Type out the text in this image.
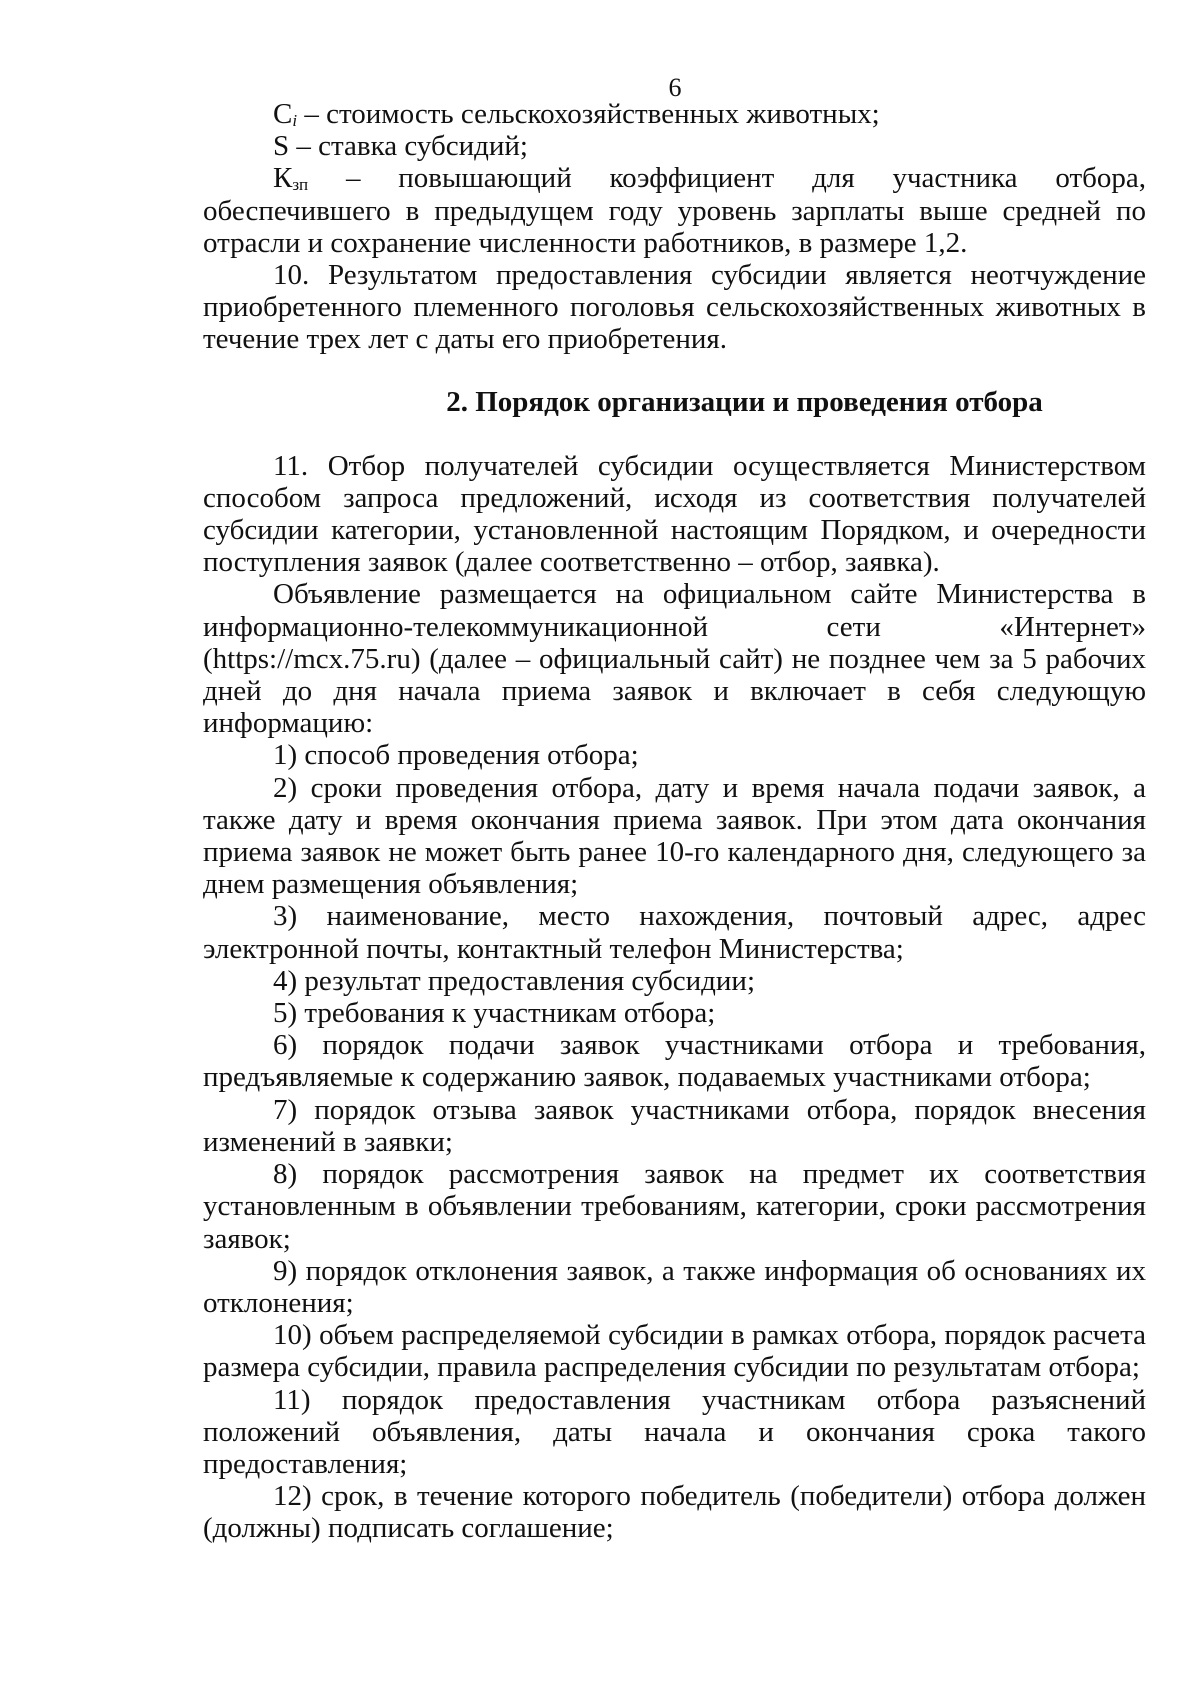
6

$C_i$ – стоимость сельскохозяйственных животных;

S – ставка субсидий;

$К_{зп}$ – повышающий коэффициент для участника отбора, обеспечившего в предыдущем году уровень зарплаты выше средней по отрасли и сохранение численности работников, в размере 1,2.

10. Результатом предоставления субсидии является неотчуждение приобретенного племенного поголовья сельскохозяйственных животных в течение трех лет с даты его приобретения.

2. Порядок организации и проведения отбора

11. Отбор получателей субсидии осуществляется Министерством способом запроса предложений, исходя из соответствия получателей субсидии категории, установленной настоящим Порядком, и очередности поступления заявок (далее соответственно – отбор, заявка).

Объявление размещается на официальном сайте Министерства в информационно-телекоммуникационной сети «Интернет» (https://mcx.75.ru) (далее – официальный сайт) не позднее чем за 5 рабочих дней до дня начала приема заявок и включает в себя следующую информацию:

1) способ проведения отбора;

2) сроки проведения отбора, дату и время начала подачи заявок, а также дату и время окончания приема заявок. При этом дата окончания приема заявок не может быть ранее 10-го календарного дня, следующего за днем размещения объявления;

3) наименование, место нахождения, почтовый адрес, адрес электронной почты, контактный телефон Министерства;

4) результат предоставления субсидии;

5) требования к участникам отбора;

6) порядок подачи заявок участниками отбора и требования, предъявляемые к содержанию заявок, подаваемых участниками отбора;

7) порядок отзыва заявок участниками отбора, порядок внесения изменений в заявки;

8) порядок рассмотрения заявок на предмет их соответствия установленным в объявлении требованиям, категории, сроки рассмотрения заявок;

9) порядок отклонения заявок, а также информация об основаниях их отклонения;

10) объем распределяемой субсидии в рамках отбора, порядок расчета размера субсидии, правила распределения субсидии по результатам отбора;

11) порядок предоставления участникам отбора разъяснений положений объявления, даты начала и окончания срока такого предоставления;

12) срок, в течение которого победитель (победители) отбора должен (должны) подписать соглашение;
